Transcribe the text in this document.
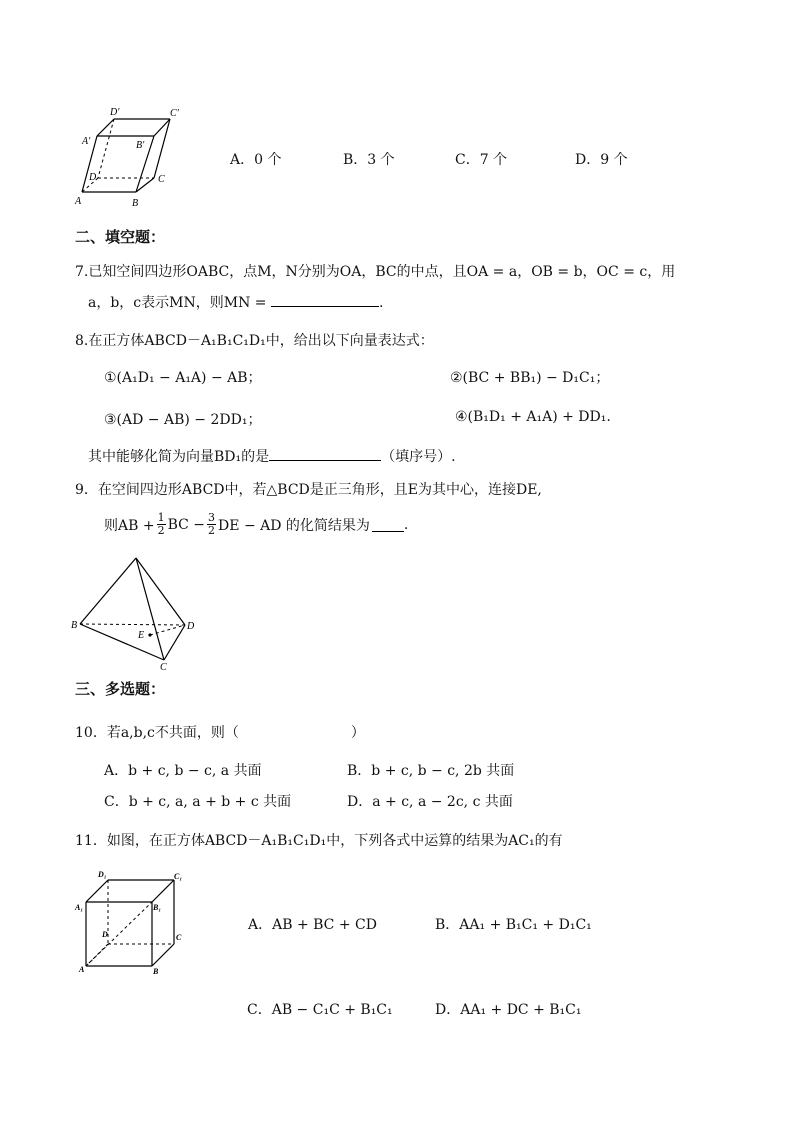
D′	C′
A′	B′
D	C
A	B
A．0 个	B．3 个	C．7 个	D．9 个
二、填空题：
7.已知空间四边形OABC，点M，N分别为OA，BC的中点，且OA = a，OB = b，OC = c，用
a，b，c表示MN，则MN =	.
8.在正方体ABCD－A₁B₁C₁D₁中，给出以下向量表达式：
①(A₁D₁ − A₁A) − AB；	②(BC + BB₁) − D₁C₁；
③(AD − AB) − 2DD₁；	④(B₁D₁ + A₁A) + DD₁.
其中能够化简为向量BD₁的是	（填序号）.
9．在空间四边形ABCD中，若△BCD是正三角形，且E为其中心，连接DE,
则AB + 1
2 BC − 3
2 DE − AD 的化简结果为 .
B	D
E
C
三、多选题：
10．若a,b,c不共面，则（	）
A．b + c, b − c, a 共面	B．b + c, b − c, 2b 共面
C．b + c, a, a + b + c 共面	D．a + c, a − 2c, c 共面
11．如图，在正方体ABCD－A₁B₁C₁D₁中，下列各式中运算的结果为AC₁的有
D₁	C₁
A₁	B₁
D	C
A	B
A．AB + BC + CD	B．AA₁ + B₁C₁ + D₁C₁
C．AB − C₁C + B₁C₁	D．AA₁ + DC + B₁C₁
